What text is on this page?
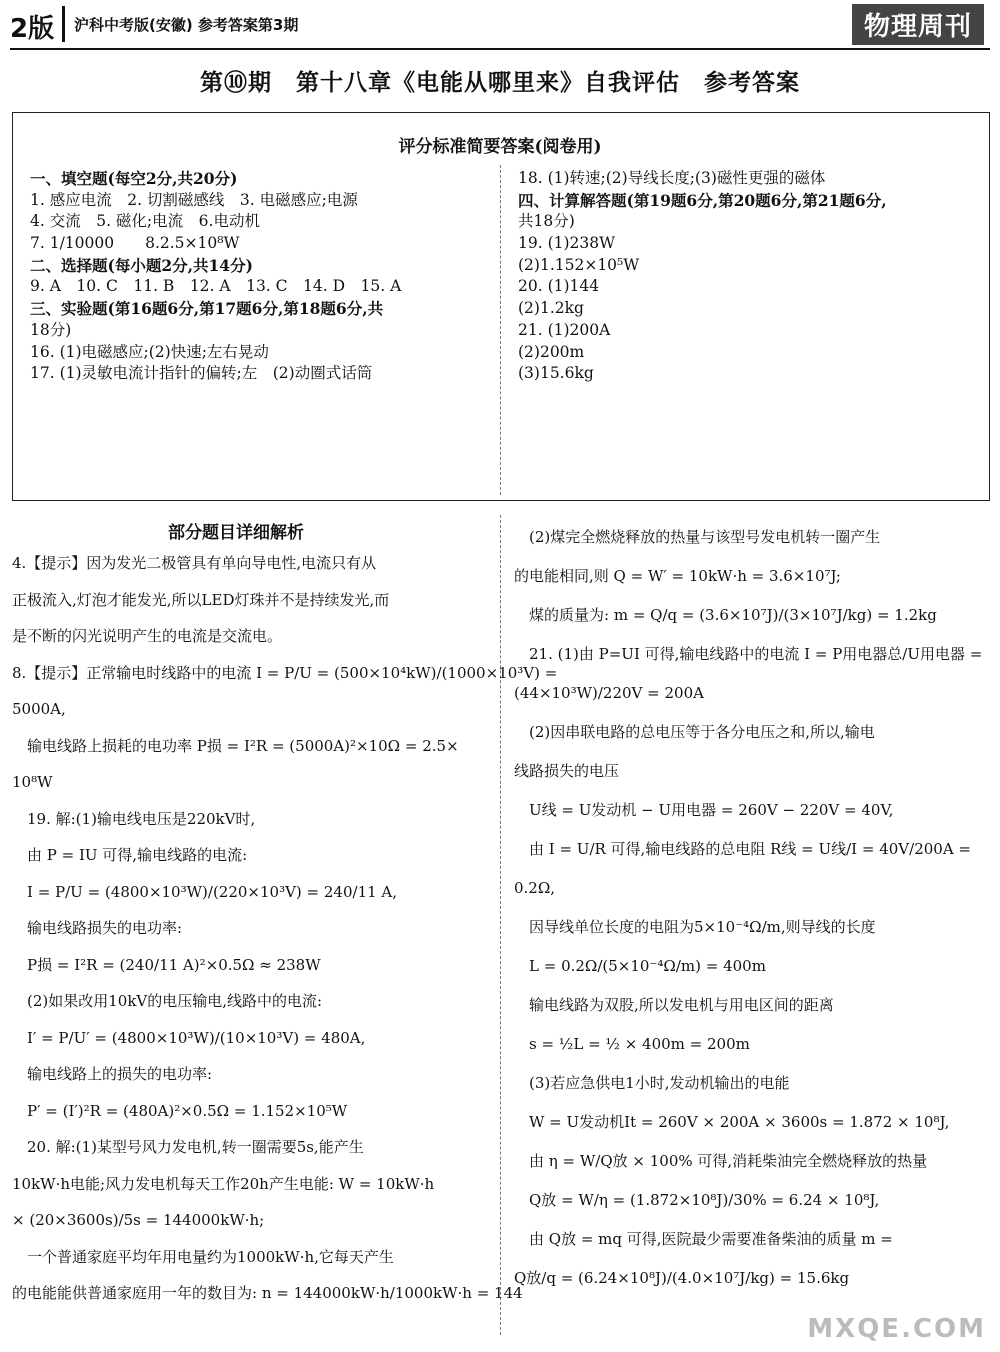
2版 沪科中考版(安徽) 参考答案第3期	物理周刊
第⑩期　第十八章《电能从哪里来》自我评估　参考答案
评分标准简要答案(阅卷用)

一、填空题(每空2分,共20分)

1. 感应电流　2. 切割磁感线　3. 电磁感应;电源

4. 交流　5. 磁化;电流　6.电动机

7. 1/10000　　8.2.5×10⁸W

二、选择题(每小题2分,共14分)

9. A　10. C　11. B　12. A　13. C　14. D　15. A

三、实验题(第16题6分,第17题6分,第18题6分,共

18分)

16. (1)电磁感应;(2)快速;左右晃动

17. (1)灵敏电流计指针的偏转;左　(2)动圈式话筒

18. (1)转速;(2)导线长度;(3)磁性更强的磁体

四、计算解答题(第19题6分,第20题6分,第21题6分,

共18分)

19. (1)238W

(2)1.152×10⁵W

20. (1)144

(2)1.2kg

21. (1)200A

(2)200m

(3)15.6kg

部分题目详细解析

4.【提示】因为发光二极管具有单向导电性,电流只有从

正极流入,灯泡才能发光,所以LED灯珠并不是持续发光,而

是不断的闪光说明产生的电流是交流电。

8.【提示】正常输电时线路中的电流 I = P/U = (500×10⁴kW)/(1000×10³V) =

5000A,

　输电线路上损耗的电功率 P损 = I²R = (5000A)²×10Ω = 2.5×

10⁸W

　19. 解:(1)输电线电压是220kV时,

　由 P = IU 可得,输电线路的电流:

　I = P/U = (4800×10³W)/(220×10³V) = 240/11 A,

　输电线路损失的电功率:

　P损 = I²R = (240/11 A)²×0.5Ω ≈ 238W

　(2)如果改用10kV的电压输电,线路中的电流:

　I′ = P/U′ = (4800×10³W)/(10×10³V) = 480A,

　输电线路上的损失的电功率:

　P′ = (I′)²R = (480A)²×0.5Ω = 1.152×10⁵W

　20. 解:(1)某型号风力发电机,转一圈需要5s,能产生

10kW·h电能;风力发电机每天工作20h产生电能: W = 10kW·h

× (20×3600s)/5s = 144000kW·h;

　一个普通家庭平均年用电量约为1000kW·h,它每天产生

的电能能供普通家庭用一年的数目为: n = 144000kW·h/1000kW·h = 144

　(2)煤完全燃烧释放的热量与该型号发电机转一圈产生

的电能相同,则 Q = W′ = 10kW·h = 3.6×10⁷J;

　煤的质量为: m = Q/q = (3.6×10⁷J)/(3×10⁷J/kg) = 1.2kg

　21. (1)由 P=UI 可得,输电线路中的电流 I = P用电器总/U用电器 =

(44×10³W)/220V = 200A

　(2)因串联电路的总电压等于各分电压之和,所以,输电

线路损失的电压

　U线 = U发动机 − U用电器 = 260V − 220V = 40V,

　由 I = U/R 可得,输电线路的总电阻 R线 = U线/I = 40V/200A =

0.2Ω,

　因导线单位长度的电阻为5×10⁻⁴Ω/m,则导线的长度

　L = 0.2Ω/(5×10⁻⁴Ω/m) = 400m

　输电线路为双股,所以发电机与用电区间的距离

　s = ½L = ½ × 400m = 200m

　(3)若应急供电1小时,发动机输出的电能

　W = U发动机It = 260V × 200A × 3600s = 1.872 × 10⁸J,

　由 η = W/Q放 × 100% 可得,消耗柴油完全燃烧释放的热量

　Q放 = W/η = (1.872×10⁸J)/30% = 6.24 × 10⁸J,

　由 Q放 = mq 可得,医院最少需要准备柴油的质量 m =

Q放/q = (6.24×10⁸J)/(4.0×10⁷J/kg) = 15.6kg

MXQE.COM
